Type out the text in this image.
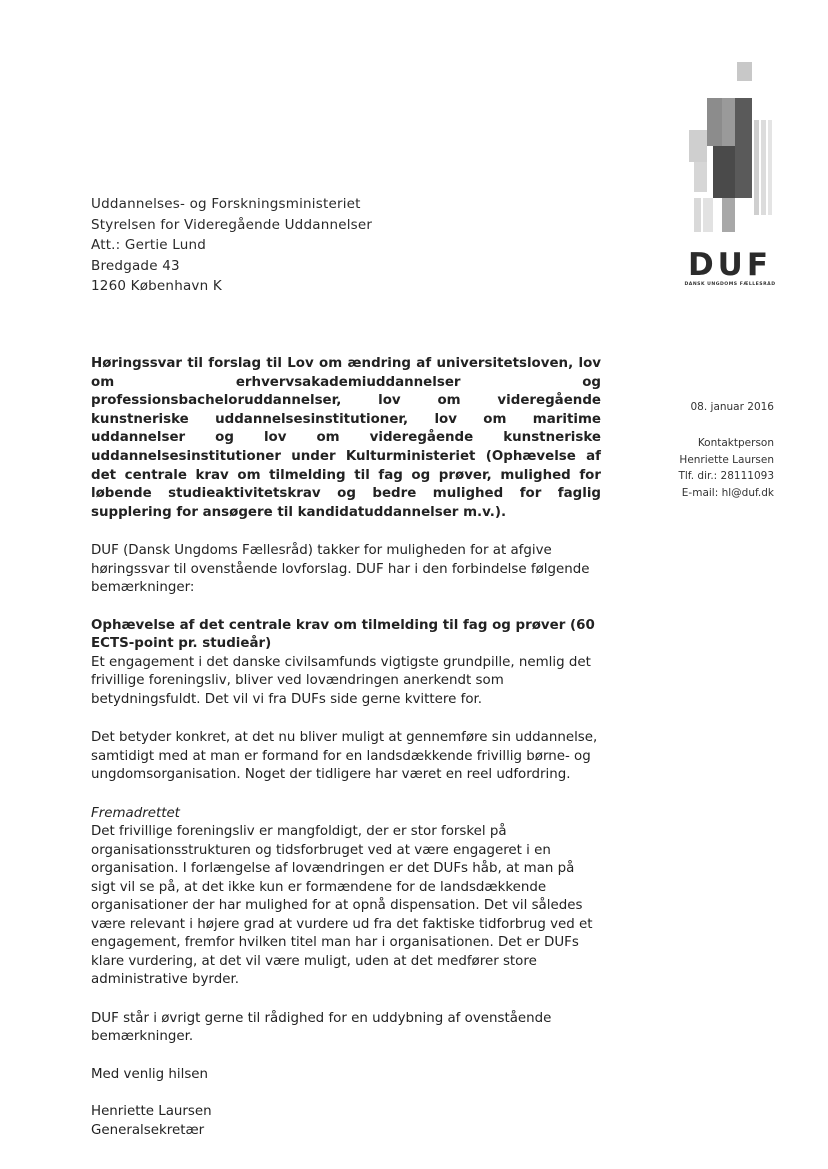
DUF
DANSK UNGDOMS FÆLLESRÅD
Uddannelses- og Forskningsministeriet
Styrelsen for Videregående Uddannelser
Att.: Gertie Lund
Bredgade 43
1260 København K
08. januar 2016
Kontaktperson
Henriette Laursen
Tlf. dir.: 28111093
E-mail: hl@duf.dk

Høringssvar til forslag til Lov om ændring af universitetsloven, lov om erhvervsakademiuddannelser og professionsbacheloruddannelser, lov om videregående kunstneriske uddannelsesinstitutioner, lov om maritime uddannelser og lov om videregående kunstneriske uddannelsesinstitutioner under Kulturministeriet (Ophævelse af det centrale krav om tilmelding til fag og prøver, mulighed for løbende studieaktivitetskrav og bedre mulighed for faglig supplering for ansøgere til kandidatuddannelser m.v.).

DUF (Dansk Ungdoms Fællesråd) takker for muligheden for at afgive høringssvar til ovenstående lovforslag. DUF har i den forbindelse følgende bemærkninger:

Ophævelse af det centrale krav om tilmelding til fag og prøver (60 ECTS-point pr. studieår)

Et engagement i det danske civilsamfunds vigtigste grundpille, nemlig det frivillige foreningsliv, bliver ved lovændringen anerkendt som betydningsfuldt. Det vil vi fra DUFs side gerne kvittere for.

Det betyder konkret, at det nu bliver muligt at gennemføre sin uddannelse, samtidigt med at man er formand for en landsdækkende frivillig børne- og ungdomsorganisation. Noget der tidligere har været en reel udfordring.

Fremadrettet

Det frivillige foreningsliv er mangfoldigt, der er stor forskel på organisationsstrukturen og tidsforbruget ved at være engageret i en organisation. I forlængelse af lovændringen er det DUFs håb, at man på sigt vil se på, at det ikke kun er formændene for de landsdækkende organisationer der har mulighed for at opnå dispensation. Det vil således være relevant i højere grad at vurdere ud fra det faktiske tidforbrug ved et engagement, fremfor hvilken titel man har i organisationen. Det er DUFs klare vurdering, at det vil være muligt, uden at det medfører store administrative byrder.

DUF står i øvrigt gerne til rådighed for en uddybning af ovenstående bemærkninger.

Med venlig hilsen

Henriette Laursen

Generalsekretær
